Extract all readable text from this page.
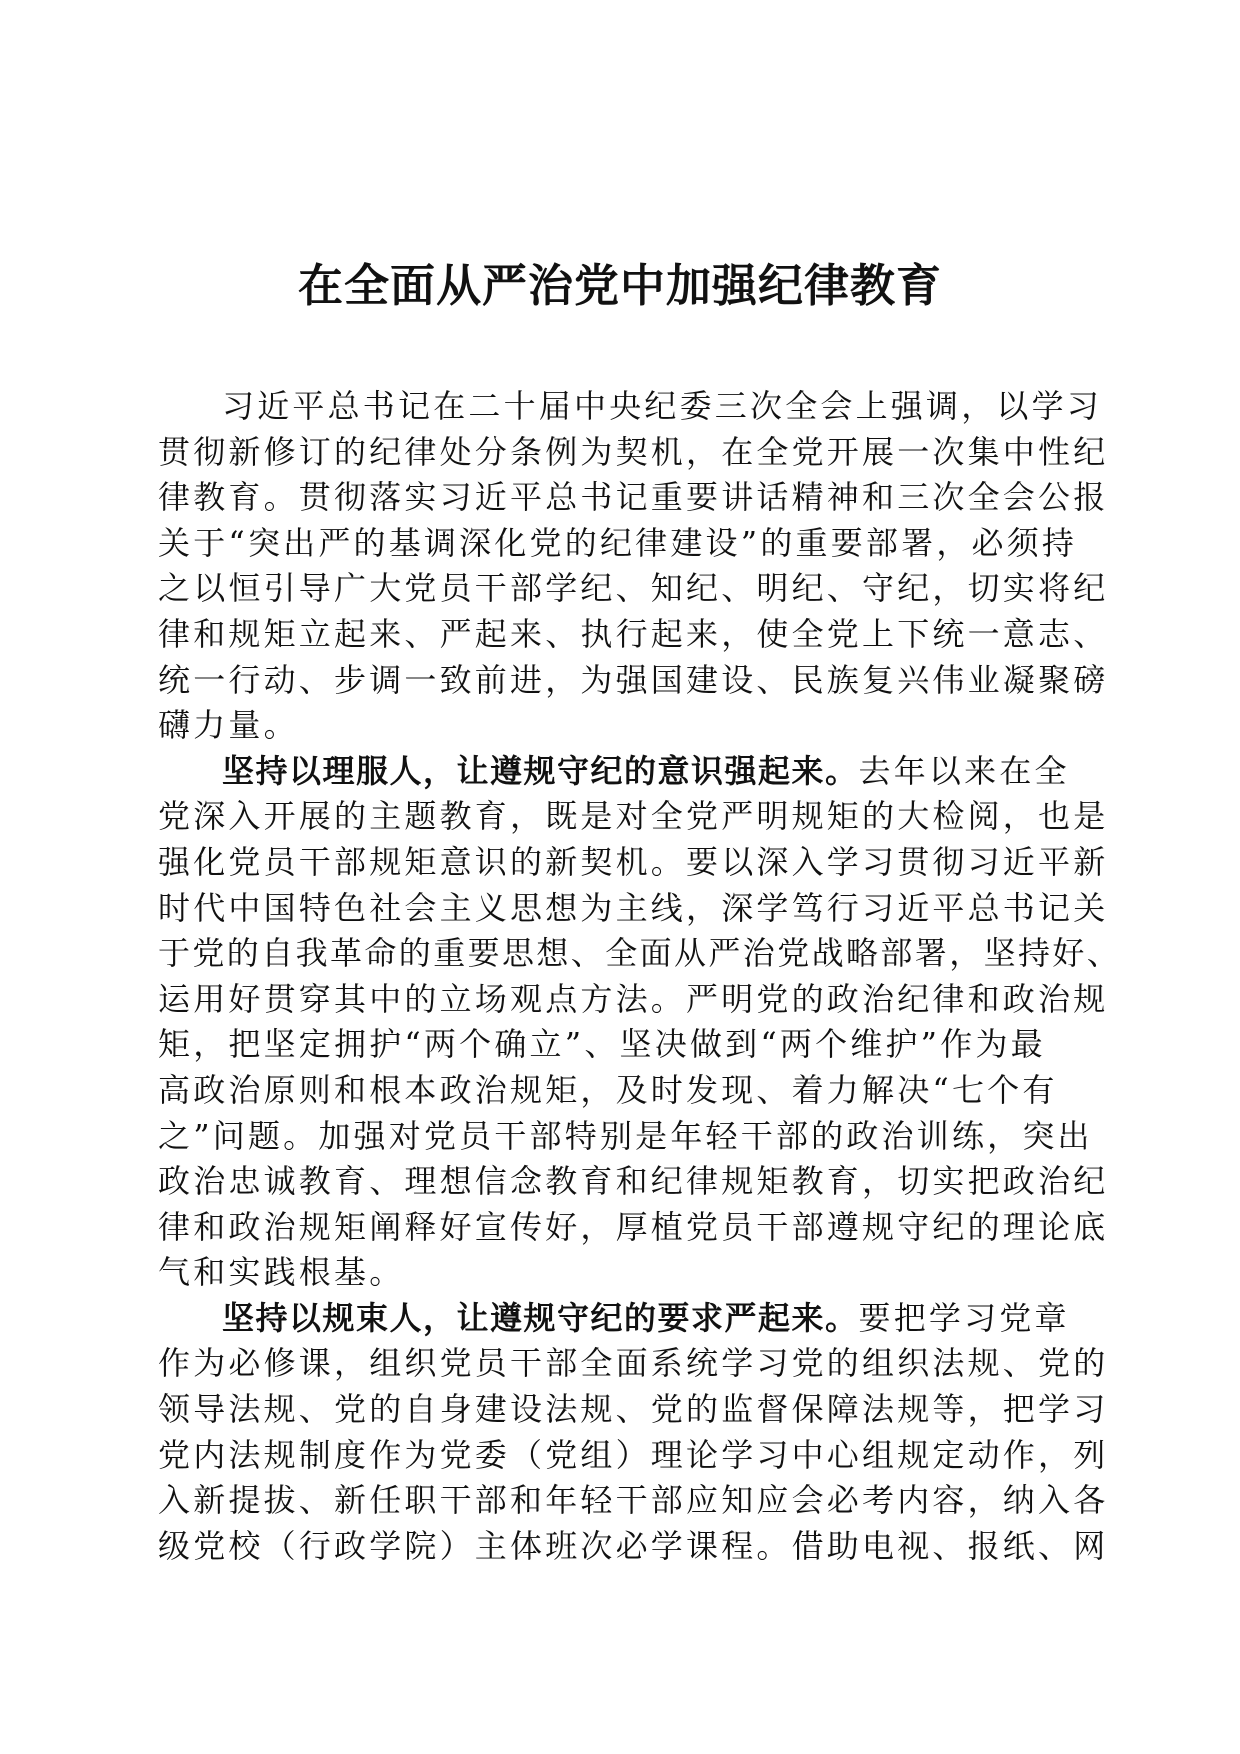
在全面从严治党中加强纪律教育
习近平总书记在二十届中央纪委三次全会上强调，以学习
贯彻新修订的纪律处分条例为契机，在全党开展一次集中性纪
律教育。贯彻落实习近平总书记重要讲话精神和三次全会公报
关于“突出严的基调深化党的纪律建设”的重要部署，必须持
之以恒引导广大党员干部学纪、知纪、明纪、守纪，切实将纪
律和规矩立起来、严起来、执行起来，使全党上下统一意志、
统一行动、步调一致前进，为强国建设、民族复兴伟业凝聚磅
礴力量。
坚持以理服人，让遵规守纪的意识强起来。去年以来在全
党深入开展的主题教育，既是对全党严明规矩的大检阅，也是
强化党员干部规矩意识的新契机。要以深入学习贯彻习近平新
时代中国特色社会主义思想为主线，深学笃行习近平总书记关
于党的自我革命的重要思想、全面从严治党战略部署，坚持好、
运用好贯穿其中的立场观点方法。严明党的政治纪律和政治规
矩，把坚定拥护“两个确立”、坚决做到“两个维护”作为最
高政治原则和根本政治规矩，及时发现、着力解决“七个有
之”问题。加强对党员干部特别是年轻干部的政治训练，突出
政治忠诚教育、理想信念教育和纪律规矩教育，切实把政治纪
律和政治规矩阐释好宣传好，厚植党员干部遵规守纪的理论底
气和实践根基。
坚持以规束人，让遵规守纪的要求严起来。要把学习党章
作为必修课，组织党员干部全面系统学习党的组织法规、党的
领导法规、党的自身建设法规、党的监督保障法规等，把学习
党内法规制度作为党委（党组）理论学习中心组规定动作，列
入新提拔、新任职干部和年轻干部应知应会必考内容，纳入各
级党校（行政学院）主体班次必学课程。借助电视、报纸、网
